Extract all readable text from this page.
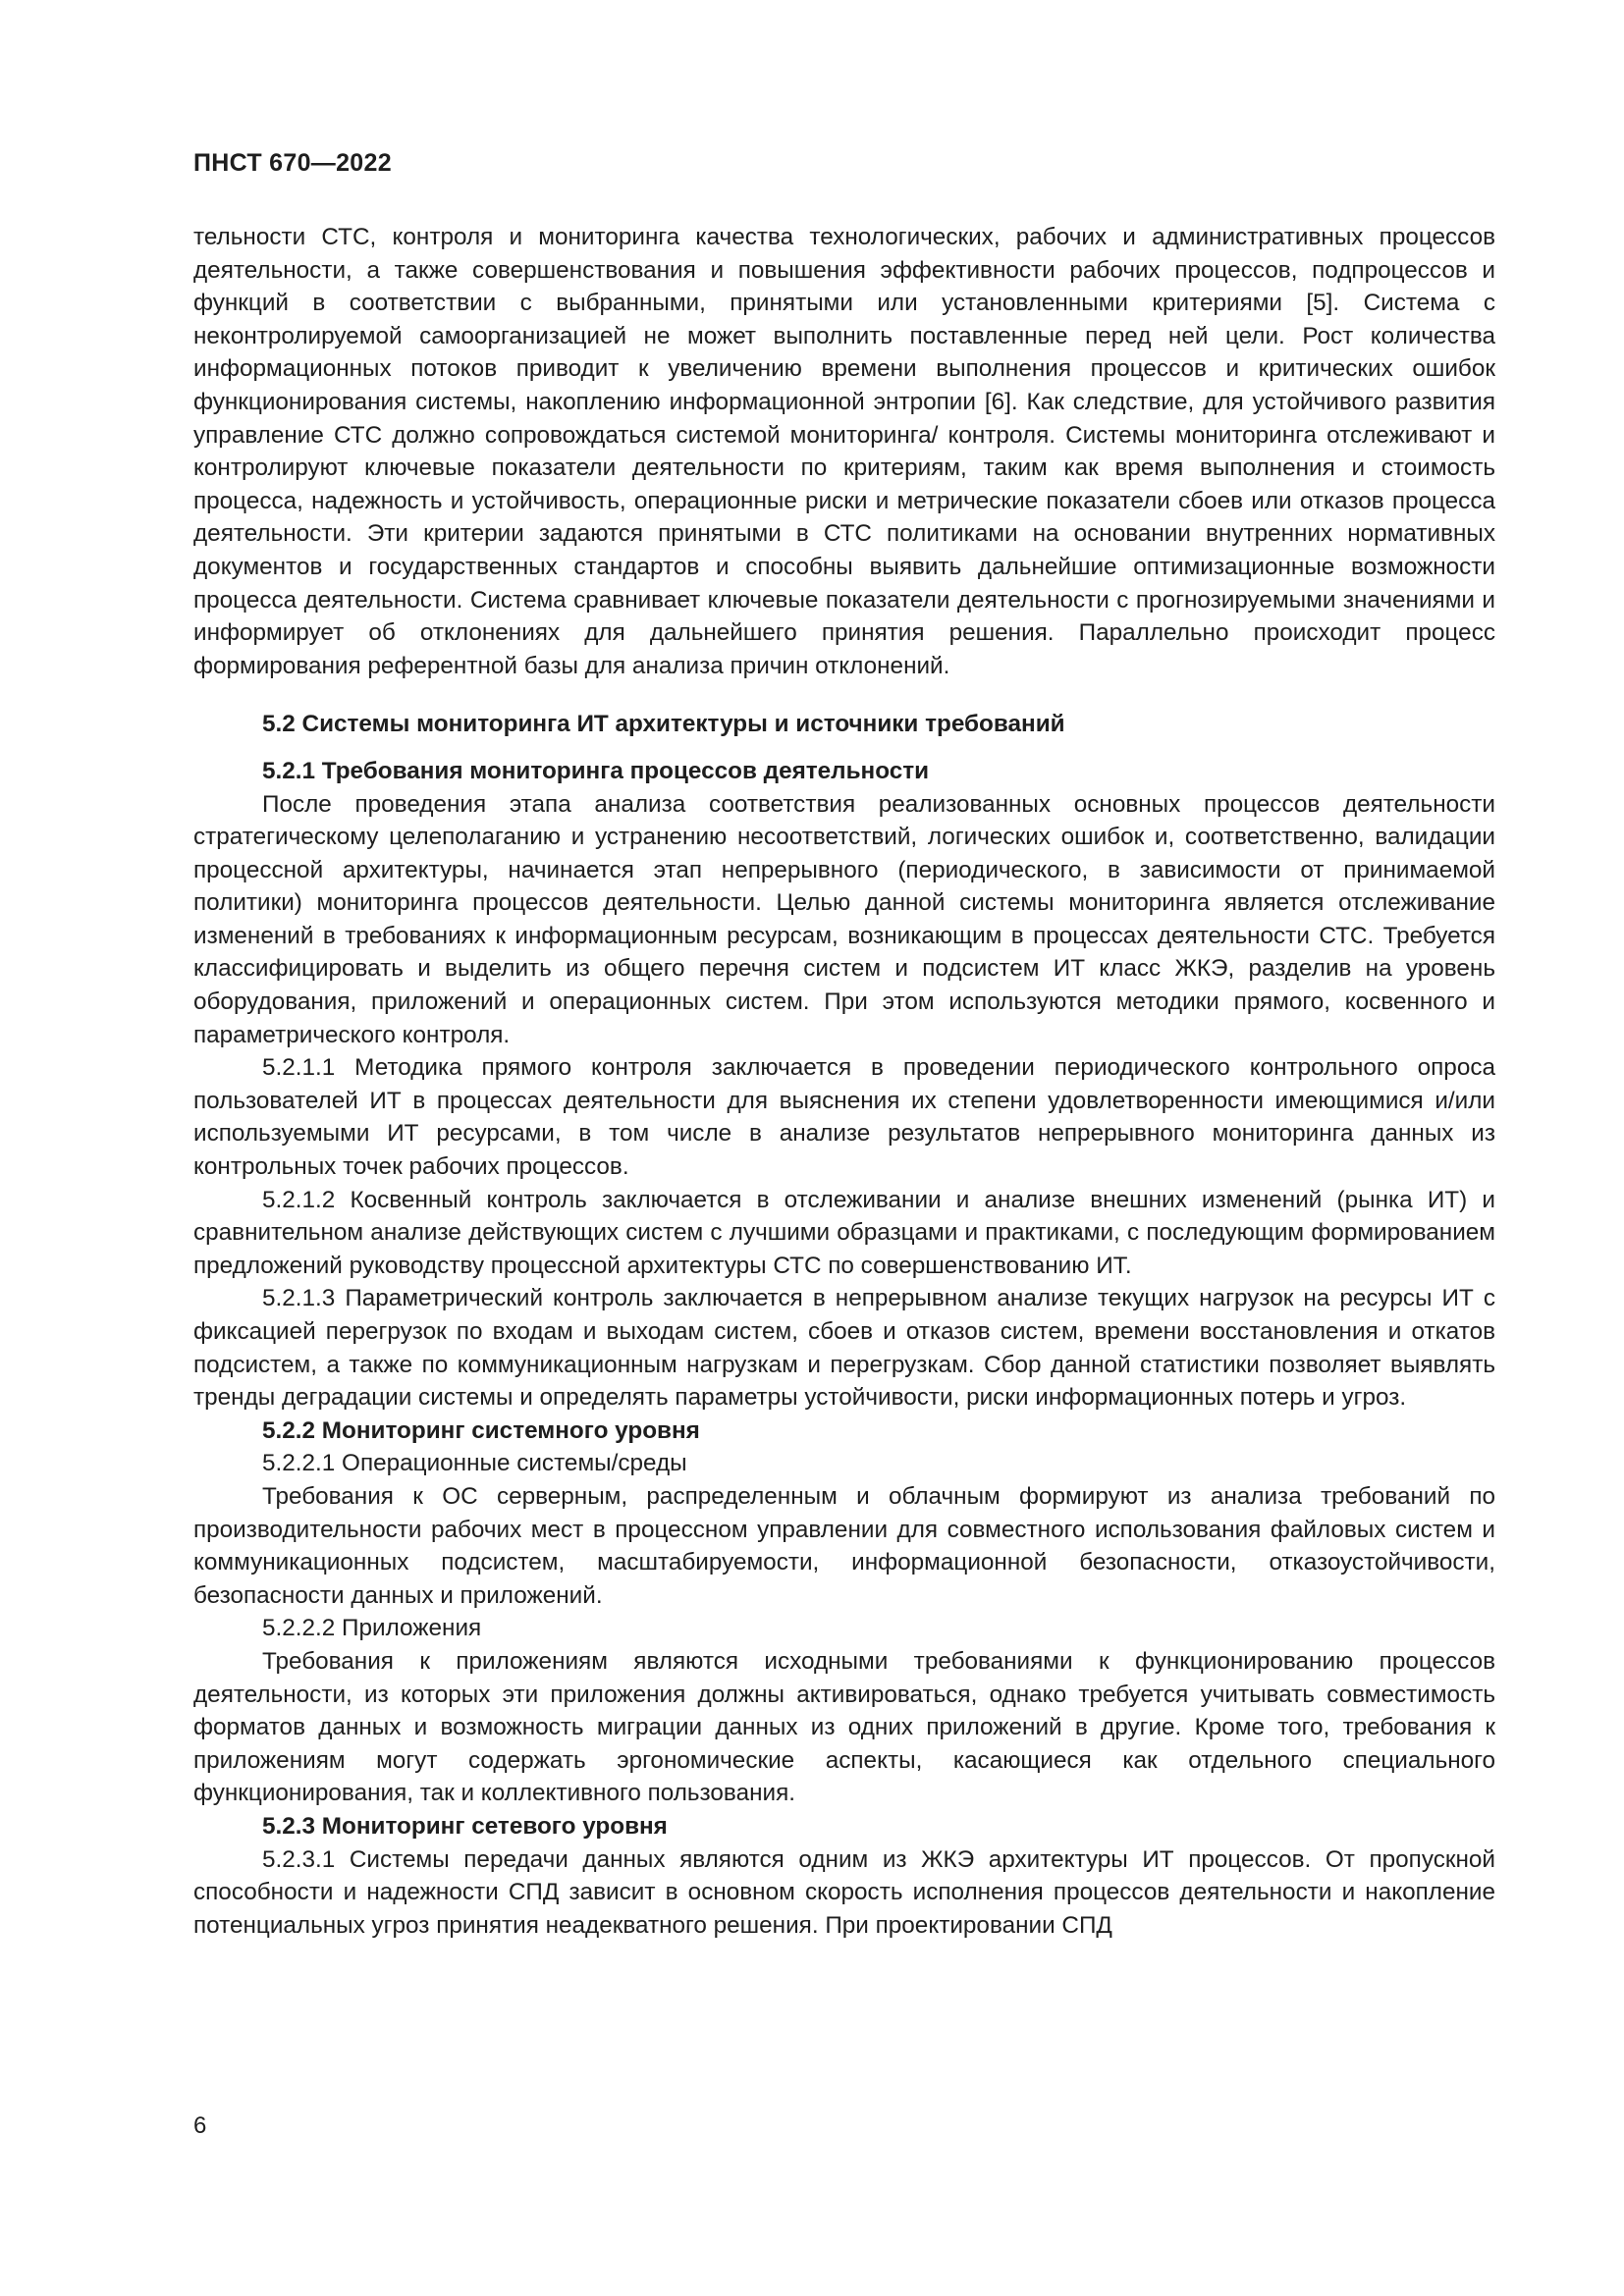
ПНСТ 670—2022

тельности СТС, контроля и мониторинга качества технологических, рабочих и административных процессов деятельности, а также совершенствования и повышения эффективности рабочих процессов, подпроцессов и функций в соответствии с выбранными, принятыми или установленными критериями [5]. Система с неконтролируемой самоорганизацией не может выполнить поставленные перед ней цели. Рост количества информационных потоков приводит к увеличению времени выполнения процессов и критических ошибок функционирования системы, накоплению информационной энтропии [6]. Как следствие, для устойчивого развития управление СТС должно сопровождаться системой мониторинга/ контроля. Системы мониторинга отслеживают и контролируют ключевые показатели деятельности по критериям, таким как время выполнения и стоимость процесса, надежность и устойчивость, операционные риски и метрические показатели сбоев или отказов процесса деятельности. Эти критерии задаются принятыми в СТС политиками на основании внутренних нормативных документов и государственных стандартов и способны выявить дальнейшие оптимизационные возможности процесса деятельности. Система сравнивает ключевые показатели деятельности с прогнозируемыми значениями и информирует об отклонениях для дальнейшего принятия решения. Параллельно происходит процесс формирования референтной базы для анализа причин отклонений.

5.2 Системы мониторинга ИТ архитектуры и источники требований

5.2.1 Требования мониторинга процессов деятельности

После проведения этапа анализа соответствия реализованных основных процессов деятельности стратегическому целеполаганию и устранению несоответствий, логических ошибок и, соответственно, валидации процессной архитектуры, начинается этап непрерывного (периодического, в зависимости от принимаемой политики) мониторинга процессов деятельности. Целью данной системы мониторинга является отслеживание изменений в требованиях к информационным ресурсам, возникающим в процессах деятельности СТС. Требуется классифицировать и выделить из общего перечня систем и подсистем ИТ класс ЖКЭ, разделив на уровень оборудования, приложений и операционных систем. При этом используются методики прямого, косвенного и параметрического контроля.

5.2.1.1 Методика прямого контроля заключается в проведении периодического контрольного опроса пользователей ИТ в процессах деятельности для выяснения их степени удовлетворенности имеющимися и/или используемыми ИТ ресурсами, в том числе в анализе результатов непрерывного мониторинга данных из контрольных точек рабочих процессов.

5.2.1.2 Косвенный контроль заключается в отслеживании и анализе внешних изменений (рынка ИТ) и сравнительном анализе действующих систем с лучшими образцами и практиками, с последующим формированием предложений руководству процессной архитектуры СТС по совершенствованию ИТ.

5.2.1.3 Параметрический контроль заключается в непрерывном анализе текущих нагрузок на ресурсы ИТ с фиксацией перегрузок по входам и выходам систем, сбоев и отказов систем, времени восстановления и откатов подсистем, а также по коммуникационным нагрузкам и перегрузкам. Сбор данной статистики позволяет выявлять тренды деградации системы и определять параметры устойчивости, риски информационных потерь и угроз.

5.2.2 Мониторинг системного уровня

5.2.2.1 Операционные системы/среды

Требования к ОС серверным, распределенным и облачным формируют из анализа требований по производительности рабочих мест в процессном управлении для совместного использования файловых систем и коммуникационных подсистем, масштабируемости, информационной безопасности, отказоустойчивости, безопасности данных и приложений.

5.2.2.2 Приложения

Требования к приложениям являются исходными требованиями к функционированию процессов деятельности, из которых эти приложения должны активироваться, однако требуется учитывать совместимость форматов данных и возможность миграции данных из одних приложений в другие. Кроме того, требования к приложениям могут содержать эргономические аспекты, касающиеся как отдельного специального функционирования, так и коллективного пользования.

5.2.3 Мониторинг сетевого уровня

5.2.3.1 Системы передачи данных являются одним из ЖКЭ архитектуры ИТ процессов. От пропускной способности и надежности СПД зависит в основном скорость исполнения процессов деятельности и накопление потенциальных угроз принятия неадекватного решения. При проектировании СПД

6
